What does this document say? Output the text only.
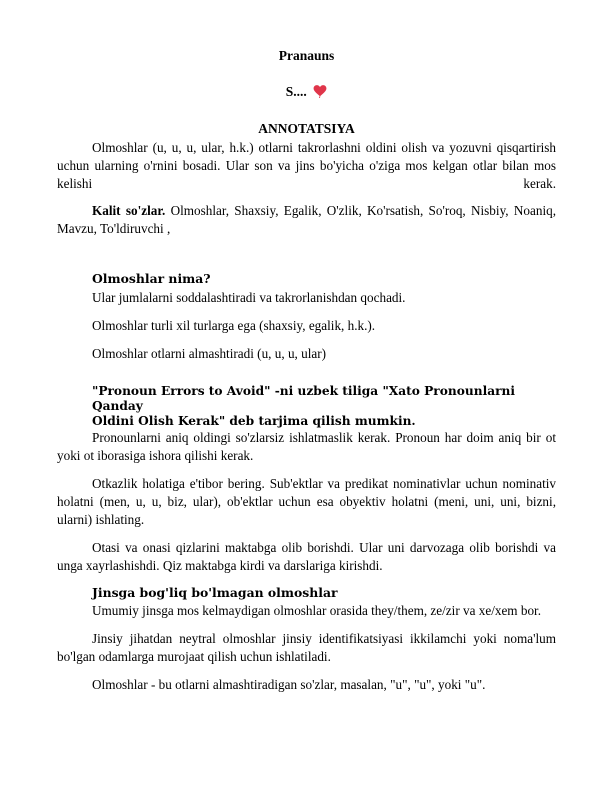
Pranauns
S....
ANNOTATSIYA

Olmoshlar (u, u, u, ular, h.k.) otlarni takrorlashni oldini olish va yozuvni qisqartirish uchun ularning o'rnini bosadi. Ular son va jins bo'yicha o'ziga mos kelgan otlar bilan mos kelishi	kerak.

Kalit so'zlar. Olmoshlar, Shaxsiy, Egalik, O'zlik, Ko'rsatish, So'roq, Nisbiy, Noaniq, Mavzu, To'ldiruvchi ,

Olmoshlar nima?

Ular jumlalarni soddalashtiradi va takrorlanishdan qochadi.

Olmoshlar turli xil turlarga ega (shaxsiy, egalik, h.k.).

Olmoshlar otlarni almashtiradi (u, u, u, ular)

"Pronoun Errors to Avoid" -ni uzbek tiliga "Xato Pronounlarni Qanday
Oldini Olish Kerak" deb tarjima qilish mumkin.

Pronounlarni aniq oldingi so'zlarsiz ishlatmaslik kerak. Pronoun har doim aniq bir ot yoki ot iborasiga ishora qilishi kerak.

Otkazlik holatiga e'tibor bering. Sub'ektlar va predikat nominativlar uchun nominativ holatni (men, u, u, biz, ular), ob'ektlar uchun esa obyektiv holatni (meni, uni, uni, bizni, ularni) ishlating.

Otasi va onasi qizlarini maktabga olib borishdi. Ular uni darvozaga olib borishdi va unga xayrlashishdi. Qiz maktabga kirdi va darslariga kirishdi.

Jinsga bog'liq bo'lmagan olmoshlar

Umumiy jinsga mos kelmaydigan olmoshlar orasida they/them, ze/zir va xe/xem bor.

Jinsiy jihatdan neytral olmoshlar jinsiy identifikatsiyasi ikkilamchi yoki noma'lum bo'lgan odamlarga murojaat qilish uchun ishlatiladi.

Olmoshlar - bu otlarni almashtiradigan so'zlar, masalan, "u", "u", yoki "u".
